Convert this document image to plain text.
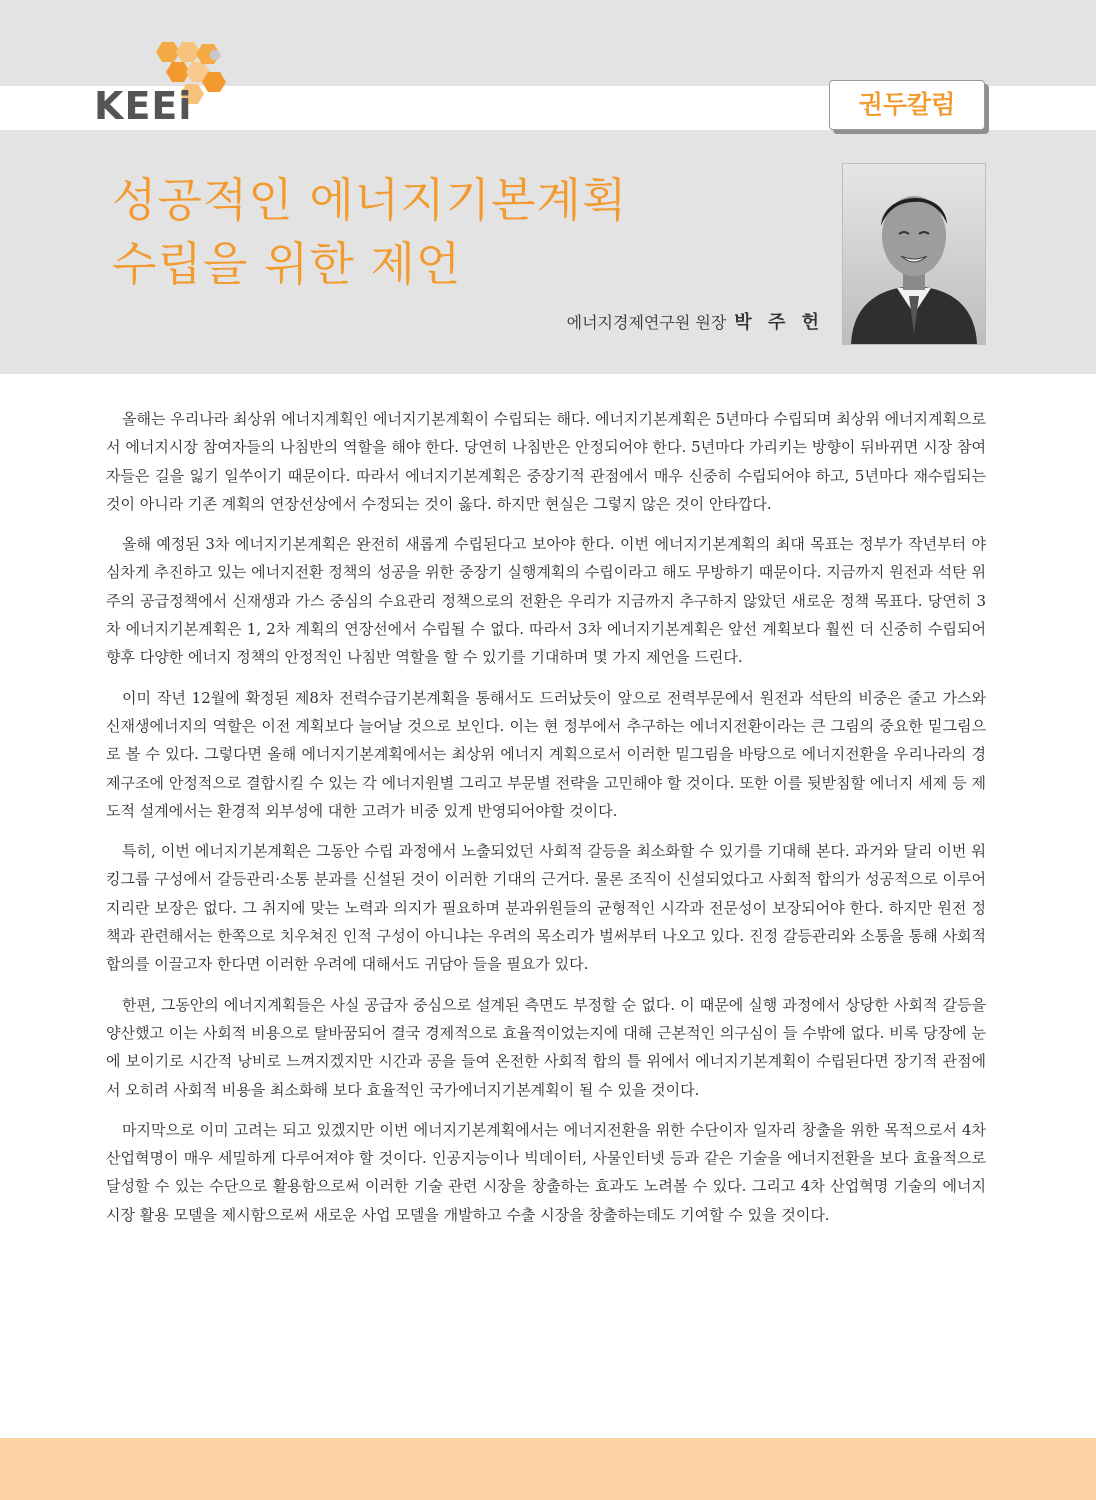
KEEi	권두칼럼
성공적인 에너지기본계획
수립을 위한 제언
에너지경제연구원 원장 박 주 헌

올해는 우리나라 최상위 에너지계획인 에너지기본계획이 수립되는 해다. 에너지기본계획은 5년마다 수립되며 최상위 에너지계획으로서 에너지시장 참여자들의 나침반의 역할을 해야 한다. 당연히 나침반은 안정되어야 한다. 5년마다 가리키는 방향이 뒤바뀌면 시장 참여자들은 길을 잃기 일쑤이기 때문이다. 따라서 에너지기본계획은 중장기적 관점에서 매우 신중히 수립되어야 하고, 5년마다 재수립되는 것이 아니라 기존 계획의 연장선상에서 수정되는 것이 옳다. 하지만 현실은 그렇지 않은 것이 안타깝다.

올해 예정된 3차 에너지기본계획은 완전히 새롭게 수립된다고 보아야 한다. 이번 에너지기본계획의 최대 목표는 정부가 작년부터 야심차게 추진하고 있는 에너지전환 정책의 성공을 위한 중장기 실행계획의 수립이라고 해도 무방하기 때문이다. 지금까지 원전과 석탄 위주의 공급정책에서 신재생과 가스 중심의 수요관리 정책으로의 전환은 우리가 지금까지 추구하지 않았던 새로운 정책 목표다. 당연히 3차 에너지기본계획은 1, 2차 계획의 연장선에서 수립될 수 없다. 따라서 3차 에너지기본계획은 앞선 계획보다 훨씬 더 신중히 수립되어 향후 다양한 에너지 정책의 안정적인 나침반 역할을 할 수 있기를 기대하며 몇 가지 제언을 드린다.

이미 작년 12월에 확정된 제8차 전력수급기본계획을 통해서도 드러났듯이 앞으로 전력부문에서 원전과 석탄의 비중은 줄고 가스와 신재생에너지의 역할은 이전 계획보다 늘어날 것으로 보인다. 이는 현 정부에서 추구하는 에너지전환이라는 큰 그림의 중요한 밑그림으로 볼 수 있다. 그렇다면 올해 에너지기본계획에서는 최상위 에너지 계획으로서 이러한 밑그림을 바탕으로 에너지전환을 우리나라의 경제구조에 안정적으로 결합시킬 수 있는 각 에너지원별 그리고 부문별 전략을 고민해야 할 것이다. 또한 이를 뒷받침할 에너지 세제 등 제도적 설계에서는 환경적 외부성에 대한 고려가 비중 있게 반영되어야할 것이다.

특히, 이번 에너지기본계획은 그동안 수립 과정에서 노출되었던 사회적 갈등을 최소화할 수 있기를 기대해 본다. 과거와 달리 이번 워킹그룹 구성에서 갈등관리·소통 분과를 신설된 것이 이러한 기대의 근거다. 물론 조직이 신설되었다고 사회적 합의가 성공적으로 이루어지리란 보장은 없다. 그 취지에 맞는 노력과 의지가 필요하며 분과위원들의 균형적인 시각과 전문성이 보장되어야 한다. 하지만 원전 정책과 관련해서는 한쪽으로 치우쳐진 인적 구성이 아니냐는 우려의 목소리가 벌써부터 나오고 있다. 진정 갈등관리와 소통을 통해 사회적 합의를 이끌고자 한다면 이러한 우려에 대해서도 귀담아 들을 필요가 있다.

한편, 그동안의 에너지계획들은 사실 공급자 중심으로 설계된 측면도 부정할 순 없다. 이 때문에 실행 과정에서 상당한 사회적 갈등을 양산했고 이는 사회적 비용으로 탈바꿈되어 결국 경제적으로 효율적이었는지에 대해 근본적인 의구심이 들 수밖에 없다. 비록 당장에 눈에 보이기로 시간적 낭비로 느껴지겠지만 시간과 공을 들여 온전한 사회적 합의 틀 위에서 에너지기본계획이 수립된다면 장기적 관점에서 오히려 사회적 비용을 최소화해 보다 효율적인 국가에너지기본계획이 될 수 있을 것이다.

마지막으로 이미 고려는 되고 있겠지만 이번 에너지기본계획에서는 에너지전환을 위한 수단이자 일자리 창출을 위한 목적으로서 4차 산업혁명이 매우 세밀하게 다루어져야 할 것이다. 인공지능이나 빅데이터, 사물인터넷 등과 같은 기술을 에너지전환을 보다 효율적으로 달성할 수 있는 수단으로 활용함으로써 이러한 기술 관련 시장을 창출하는 효과도 노려볼 수 있다. 그리고 4차 산업혁명 기술의 에너지시장 활용 모델을 제시함으로써 새로운 사업 모델을 개발하고 수출 시장을 창출하는데도 기여할 수 있을 것이다.
